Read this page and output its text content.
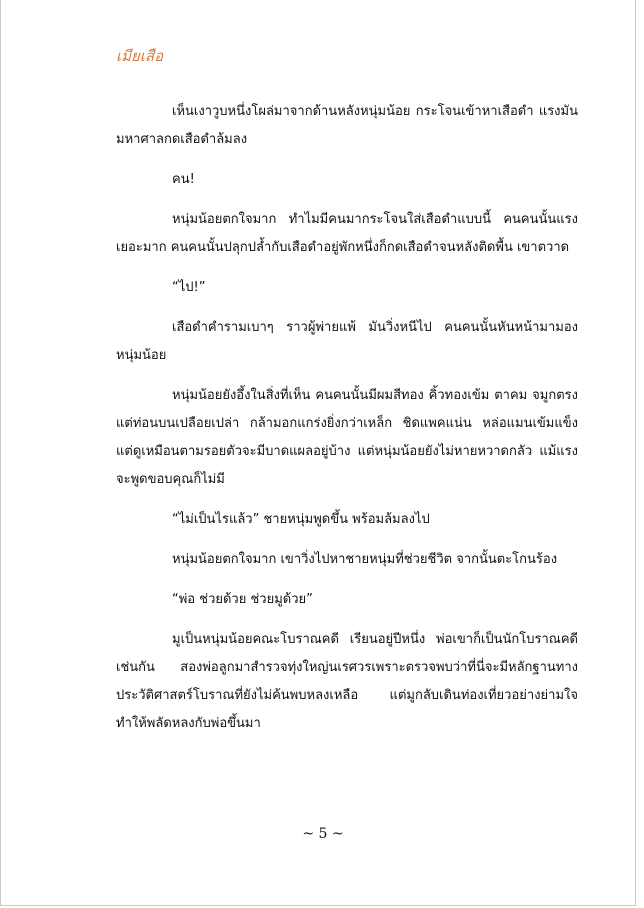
เมียเสือ

เห็นเงาวูบหนึ่งโผล่มาจากด้านหลังหนุ่มน้อย กระโจนเข้าหาเสือดำ แรงมันมหาศาลกดเสือดำล้มลง

คน!

หนุ่มน้อยตกใจมาก ทำไมมีคนมากระโจนใส่เสือดำแบบนี้ คนคนนั้นแรงเยอะมาก คนคนนั้นปลุกปล้ำกับเสือดำอยู่พักหนึ่งก็กดเสือดำจนหลังติดพื้น เขาตวาด

“ไป!”

เสือดำคำรามเบาๆ ราวผู้พ่ายแพ้ มันวิ่งหนีไป คนคนนั้นหันหน้ามามองหนุ่มน้อย

หนุ่มน้อยยังอึ้งในสิ่งที่เห็น คนคนนั้นมีผมสีทอง คิ้วทองเข้ม ตาคม จมูกตรง แต่ท่อนบนเปลือยเปล่า กล้ามอกแกร่งยิ่งกว่าเหล็ก ชิดแพคแน่น หล่อแมนเข้มแข็ง แต่ดูเหมือนตามรอยตัวจะมีบาดแผลอยู่บ้าง แต่หนุ่มน้อยยังไม่หายหวาดกลัว แม้แรงจะพูดขอบคุณก็ไม่มี

“ไม่เป็นไรแล้ว” ชายหนุ่มพูดขึ้น พร้อมล้มลงไป

หนุ่มน้อยตกใจมาก เขาวิ่งไปหาชายหนุ่มที่ช่วยชีวิต จากนั้นตะโกนร้อง

“พ่อ ช่วยด้วย ช่วยมูด้วย”

มูเป็นหนุ่มน้อยคณะโบราณคดี เรียนอยู่ปีหนึ่ง พ่อเขาก็เป็นนักโบราณคดีเช่นกัน สองพ่อลูกมาสำรวจทุ่งใหญ่นเรศวรเพราะตรวจพบว่าที่นี่จะมีหลักฐานทางประวัติศาสตร์โบราณที่ยังไม่ค้นพบหลงเหลือ แต่มูกลับเดินท่องเที่ยวอย่างย่ามใจ ทำให้พลัดหลงกับพ่อขึ้นมา

~ 5 ~
